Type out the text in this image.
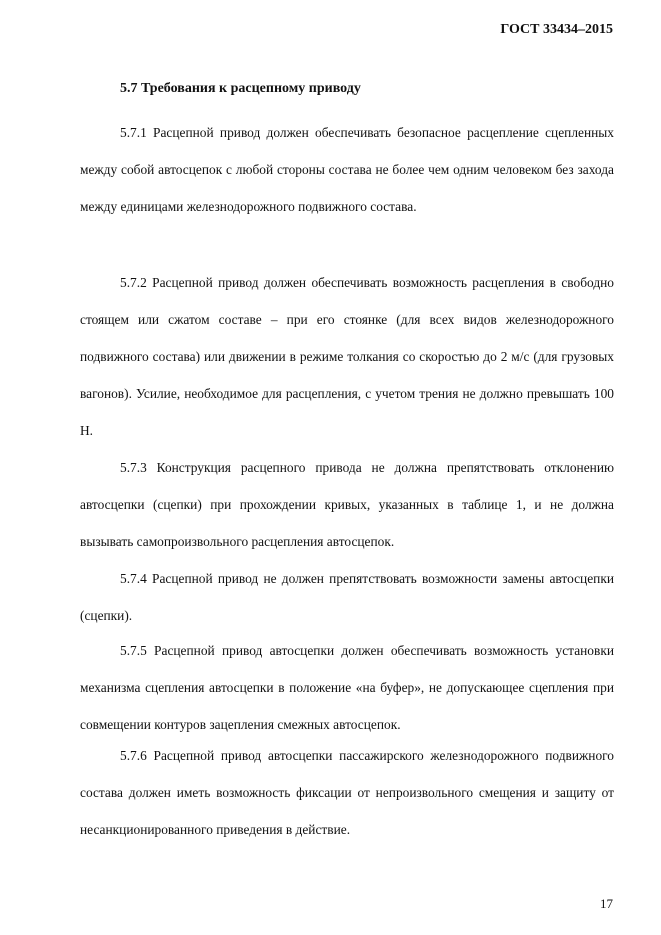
ГОСТ 33434–2015
5.7 Требования к расцепному приводу

5.7.1 Расцепной привод должен обеспечивать безопасное расцепление сцепленных между собой автосцепок с любой стороны состава не более чем одним человеком без захода между единицами железнодорожного подвижного состава.

5.7.2 Расцепной привод должен обеспечивать возможность расцепления в свободно стоящем или сжатом составе – при его стоянке (для всех видов железнодорожного подвижного состава) или движении в режиме толкания со скоростью до 2 м/с (для грузовых вагонов). Усилие, необходимое для расцепления, с учетом трения не должно превышать 100 Н.

5.7.3 Конструкция расцепного привода не должна препятствовать отклонению автосцепки (сцепки) при прохождении кривых, указанных в таблице 1, и не должна вызывать самопроизвольного расцепления автосцепок.

5.7.4 Расцепной привод не должен препятствовать возможности замены автосцепки (сцепки).

5.7.5 Расцепной привод автосцепки должен обеспечивать возможность установки механизма сцепления автосцепки в положение «на буфер», не допускающее сцепления при совмещении контуров зацепления смежных автосцепок.

5.7.6 Расцепной привод автосцепки пассажирского железнодорожного подвижного состава должен иметь возможность фиксации от непроизвольного смещения и защиту от несанкционированного приведения в действие.

17
